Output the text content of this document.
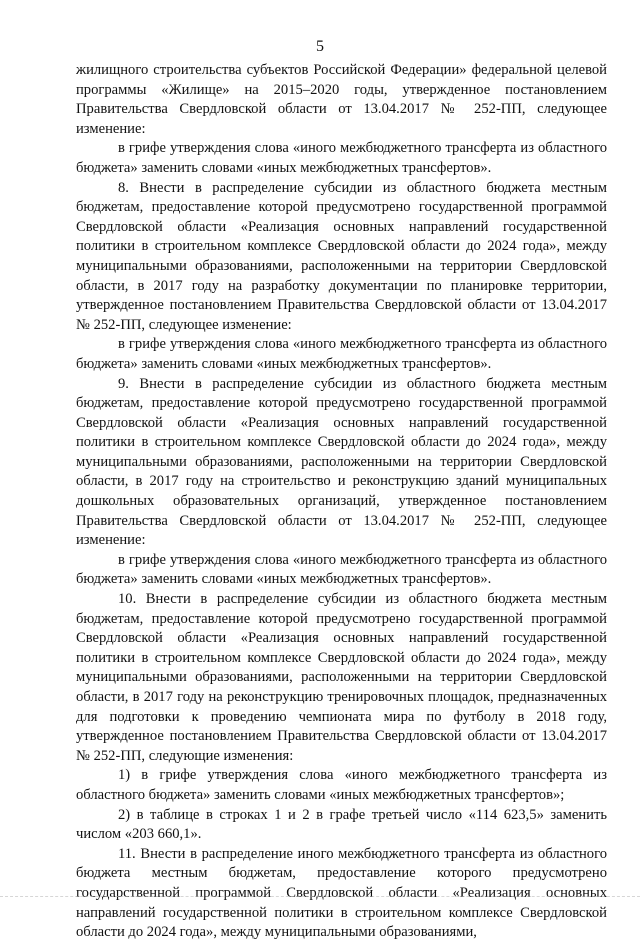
5

жилищного строительства субъектов Российской Федерации» федеральной целевой программы «Жилище» на 2015–2020 годы, утвержденное постановлением Правительства Свердловской области от 13.04.2017 № 252-ПП, следующее изменение:

в грифе утверждения слова «иного межбюджетного трансферта из областного бюджета» заменить словами «иных межбюджетных трансфертов».

8. Внести в распределение субсидии из областного бюджета местным бюджетам, предоставление которой предусмотрено государственной программой Свердловской области «Реализация основных направлений государственной политики в строительном комплексе Свердловской области до 2024 года», между муниципальными образованиями, расположенными на территории Свердловской области, в 2017 году на разработку документации по планировке территории, утвержденное постановлением Правительства Свердловской области от 13.04.2017 № 252-ПП, следующее изменение:

в грифе утверждения слова «иного межбюджетного трансферта из областного бюджета» заменить словами «иных межбюджетных трансфертов».

9. Внести в распределение субсидии из областного бюджета местным бюджетам, предоставление которой предусмотрено государственной программой Свердловской области «Реализация основных направлений государственной политики в строительном комплексе Свердловской области до 2024 года», между муниципальными образованиями, расположенными на территории Свердловской области, в 2017 году на строительство и реконструкцию зданий муниципальных дошкольных образовательных организаций, утвержденное постановлением Правительства Свердловской области от 13.04.2017 № 252-ПП, следующее изменение:

в грифе утверждения слова «иного межбюджетного трансферта из областного бюджета» заменить словами «иных межбюджетных трансфертов».

10. Внести в распределение субсидии из областного бюджета местным бюджетам, предоставление которой предусмотрено государственной программой Свердловской области «Реализация основных направлений государственной политики в строительном комплексе Свердловской области до 2024 года», между муниципальными образованиями, расположенными на территории Свердловской области, в 2017 году на реконструкцию тренировочных площадок, предназначенных для подготовки к проведению чемпионата мира по футболу в 2018 году, утвержденное постановлением Правительства Свердловской области от 13.04.2017 № 252-ПП, следующие изменения:

1) в грифе утверждения слова «иного межбюджетного трансферта из областного бюджета» заменить словами «иных межбюджетных трансфертов»;

2) в таблице в строках 1 и 2 в графе третьей число «114 623,5» заменить числом «203 660,1».

11. Внести в распределение иного межбюджетного трансферта из областного бюджета местным бюджетам, предоставление которого предусмотрено государственной программой Свердловской области «Реализация основных направлений государственной политики в строительном комплексе Свердловской области до 2024 года», между муниципальными образованиями,
